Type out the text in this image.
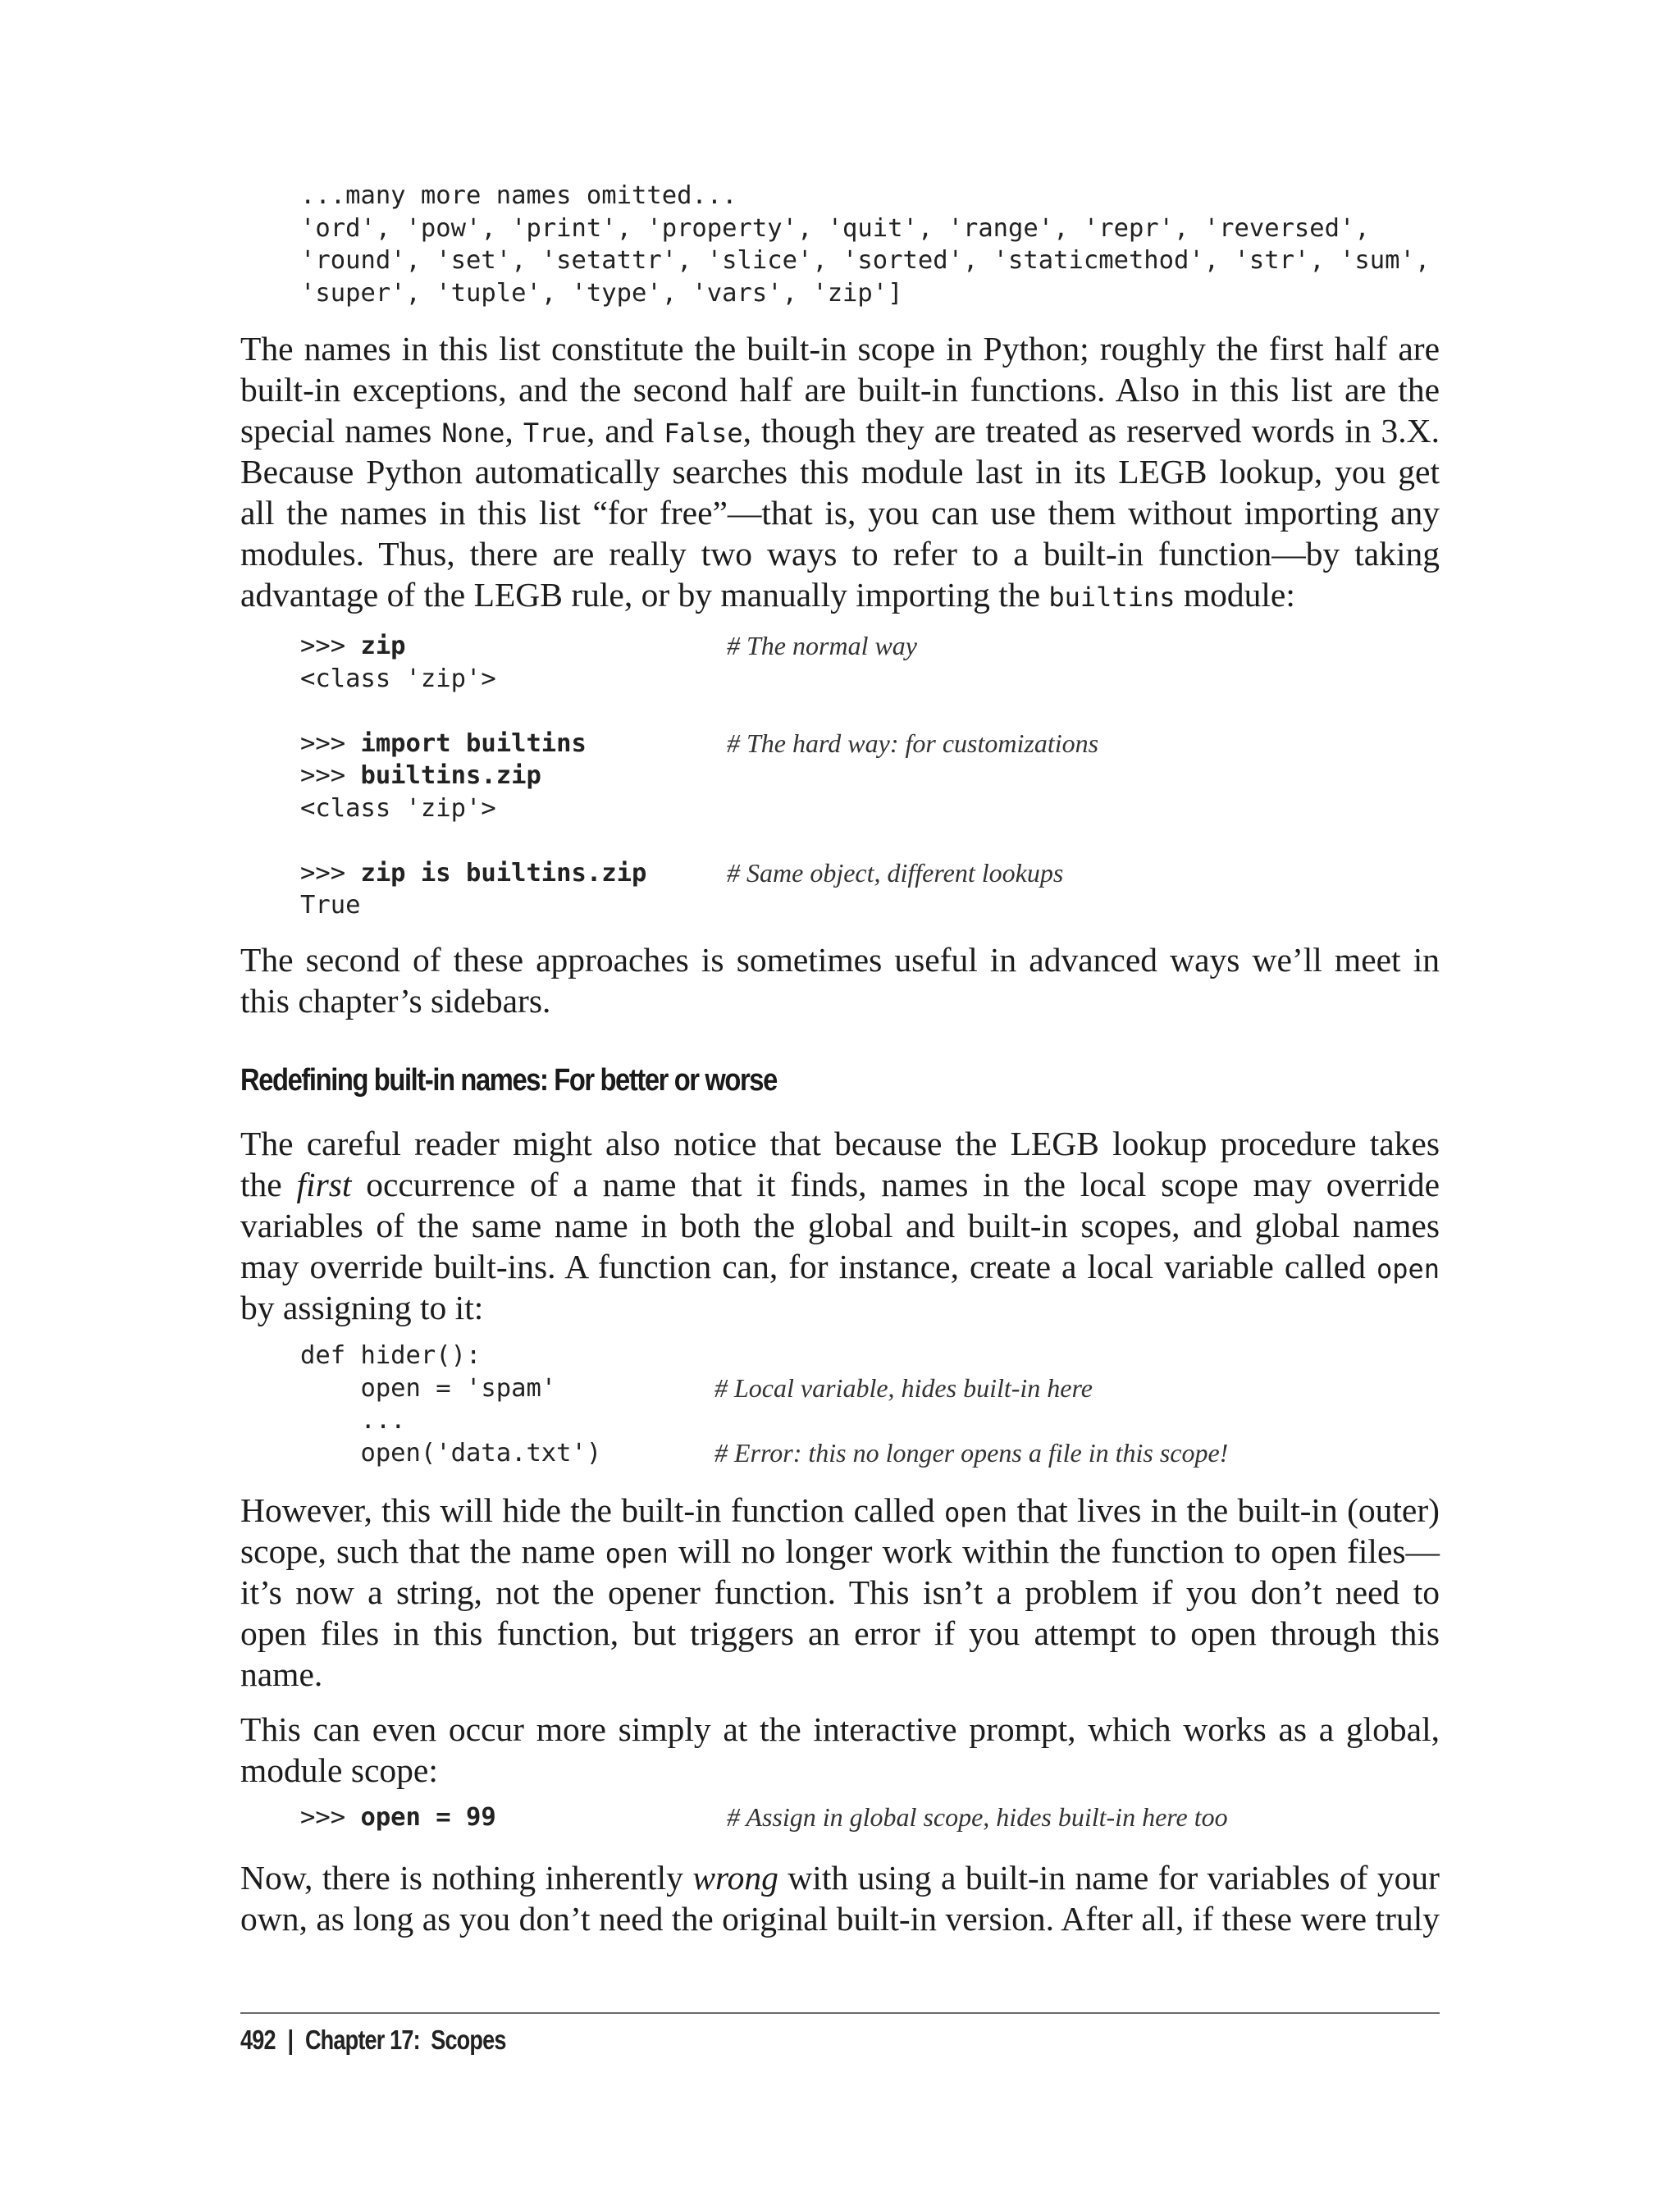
...many more names omitted...
'ord', 'pow', 'print', 'property', 'quit', 'range', 'repr', 'reversed',
'round', 'set', 'setattr', 'slice', 'sorted', 'staticmethod', 'str', 'sum',
'super', 'tuple', 'type', 'vars', 'zip']
The names in this list constitute the built-in scope in Python; roughly the first half are
built-in exceptions, and the second half are built-in functions. Also in this list are the
special names None, True, and False, though they are treated as reserved words in 3.X.
Because Python automatically searches this module last in its LEGB lookup, you get
all the names in this list “for free”—that is, you can use them without importing any
modules. Thus, there are really two ways to refer to a built-in function—by taking
advantage of the LEGB rule, or by manually importing the builtins module:
>>> zip	# The normal way
<class 'zip'>
>>> import builtins	# The hard way: for customizations
>>> builtins.zip
<class 'zip'>
>>> zip is builtins.zip	# Same object, different lookups
True
The second of these approaches is sometimes useful in advanced ways we’ll meet in
this chapter’s sidebars.
Redefining built-in names: For better or worse
The careful reader might also notice that because the LEGB lookup procedure takes
the first occurrence of a name that it finds, names in the local scope may override
variables of the same name in both the global and built-in scopes, and global names
may override built-ins. A function can, for instance, create a local variable called open
by assigning to it:
def hider():
open = 'spam'	# Local variable, hides built-in here
...
open('data.txt')	# Error: this no longer opens a file in this scope!
However, this will hide the built-in function called open that lives in the built-in (outer)
scope, such that the name open will no longer work within the function to open files—
it’s now a string, not the opener function. This isn’t a problem if you don’t need to
open files in this function, but triggers an error if you attempt to open through this
name.
This can even occur more simply at the interactive prompt, which works as a global,
module scope:
>>> open = 99	# Assign in global scope, hides built-in here too
Now, there is nothing inherently wrong with using a built-in name for variables of your
own, as long as you don’t need the original built-in version. After all, if these were truly
492 | Chapter 17:  Scopes
